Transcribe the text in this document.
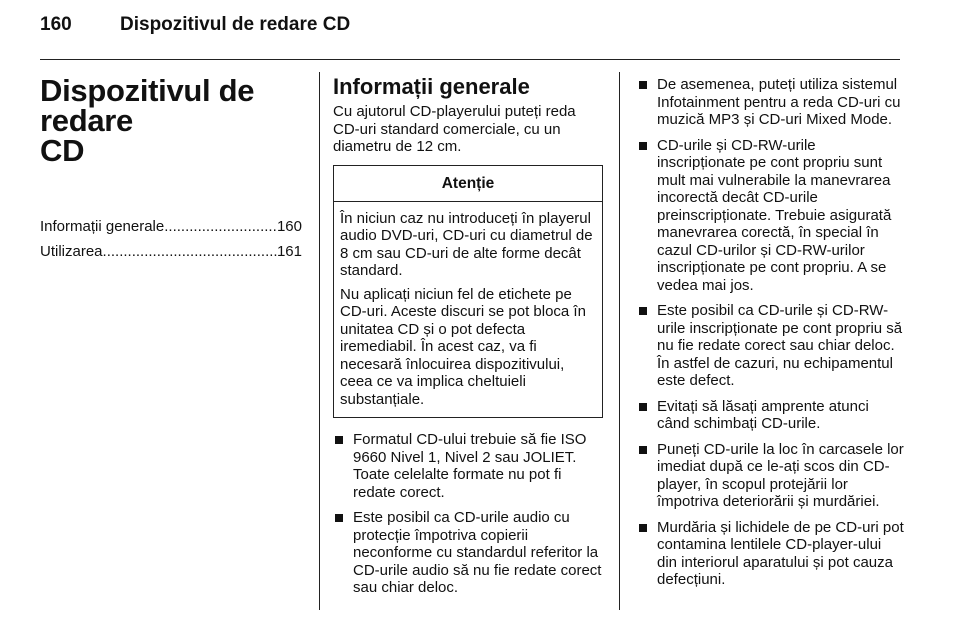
160	Dispozitivul de redare CD
Dispozitivul de redare
CD
Informații generale .....	160
Utilizarea .....	161
Informații generale

Cu ajutorul CD-playerului puteți reda CD-uri standard comerciale, cu un diametru de 12 cm.

Atenție

În niciun caz nu introduceți în playerul audio DVD-uri, CD-uri cu diametrul de 8 cm sau CD-uri de alte forme decât standard.

Nu aplicați niciun fel de etichete pe CD-uri. Aceste discuri se pot bloca în unitatea CD și o pot defecta iremediabil. În acest caz, va fi necesară înlocuirea dispozitivului, ceea ce va implica cheltuieli substanțiale.

Formatul CD-ului trebuie să fie ISO 9660 Nivel 1, Nivel 2 sau JOLIET. Toate celelalte formate nu pot fi redate corect.
Este posibil ca CD-urile audio cu protecție împotriva copierii neconforme cu standardul referitor la CD-urile audio să nu fie redate corect sau chiar deloc.
De asemenea, puteți utiliza sistemul Infotainment pentru a reda CD-uri cu muzică MP3 și CD-uri Mixed Mode.
CD-urile și CD-RW-urile inscripționate pe cont propriu sunt mult mai vulnerabile la manevrarea incorectă decât CD-urile preinscripționate. Trebuie asigurată manevrarea corectă, în special în cazul CD-urilor și CD-RW-urilor inscripționate pe cont propriu. A se vedea mai jos.
Este posibil ca CD-urile și CD-RW-urile inscripționate pe cont propriu să nu fie redate corect sau chiar deloc. În astfel de cazuri, nu echipamentul este defect.
Evitați să lăsați amprente atunci când schimbați CD-urile.
Puneți CD-urile la loc în carcasele lor imediat după ce le-ați scos din CD-player, în scopul protejării lor împotriva deteriorării și murdăriei.
Murdăria și lichidele de pe CD-uri pot contamina lentilele CD-player-ului din interiorul aparatului și pot cauza defecțiuni.
